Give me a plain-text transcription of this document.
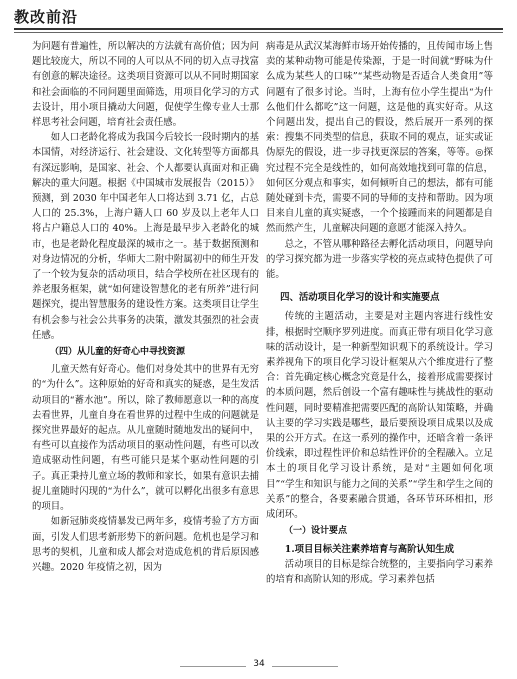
教改前沿

为问题有普遍性，所以解决的方法就有高价值；因为问题比较庞大，所以不同的人可以从不同的切入点寻找富有创意的解决途径。这类项目资源可以从不同时期国家和社会面临的不同问题里面筛选，用项目化学习的方式去设计，用小项目撬动大问题，促使学生像专业人士那样思考社会问题，培育社会责任感。

如人口老龄化将成为我国今后较长一段时期内的基本国情，对经济运行、社会建设、文化转型等方面都具有深远影响，是国家、社会、个人都要认真面对和正确解决的重大问题。根据《中国城市发展报告（2015）》预测，到 2030 年中国老年人口将达到 3.71 亿，占总人口的 25.3%，上海户籍人口 60 岁及以上老年人口将占户籍总人口的 40%。上海是最早步入老龄化的城市，也是老龄化程度最深的城市之一。基于数据预测和对身边情况的分析，华师大二附中附属初中的师生开发了一个较为复杂的活动项目，结合学校所在社区现有的养老服务框架，就“如何建设智慧化的老有所养”进行问题探究，提出智慧服务的建设性方案。这类项目让学生有机会参与社会公共事务的决策，激发其强烈的社会责任感。

（四）从儿童的好奇心中寻找资源

儿童天然有好奇心。他们对身处其中的世界有无穷的“为什么”。这种原始的好奇和真实的疑惑，是生发活动项目的“蓄水池”。所以，除了教师愿意以一种的高度去看世界，儿童自身在看世界的过程中生成的问题就是探究世界最好的起点。从儿童随时随地发出的疑问中，有些可以直接作为活动项目的驱动性问题，有些可以改造成驱动性问题，有些可能只是某个驱动性问题的引子。真正秉持儿童立场的教师和家长，如果有意识去捕捉儿童随时闪现的“为什么”，就可以孵化出很多有意思的项目。

如新冠肺炎疫情暴发已两年多，疫情考验了方方面面，引发人们思考新形势下的新问题。危机也是学习和思考的契机，儿童和成人都会对造成危机的背后原因感兴趣。2020 年疫情之初，因为

病毒是从武汉某海鲜市场开始传播的，且传闻市场上售卖的某种动物可能是传染源，于是一时间就“野味为什么成为某些人的口味”“某些动物是否适合人类食用”等问题有了很多讨论。当时，上海有位小学生提出“为什么他们什么都吃”这一问题，这是他的真实好奇。从这个问题出发，提出自己的假设，然后展开一系列的探索：搜集不同类型的信息，获取不同的观点，证实或证伪原先的假设，进一步寻找更深层的答案，等等。◎探究过程不完全是线性的，如何高效地找到可靠的信息，如何区分观点和事实，如何倾听自己的想法，都有可能随处碰到卡壳，需要不同的导师的支持和帮助。因为项目来自儿童的真实疑惑，一个个接踵而来的问题都是自然而然产生，儿童解决问题的意愿才能深入持久。

总之，不管从哪种路径去孵化活动项目，问题导向的学习探究都为进一步落实学校的亮点或特色提供了可能。

四、活动项目化学习的设计和实施要点

传统的主题活动，主要是对主题内容进行线性安排，根据时空顺序罗列进度。而真正带有项目化学习意味的活动设计，是一种新型知识观下的系统设计。学习素养视角下的项目化学习设计框架从六个维度进行了整合：首先确定核心概念究竟是什么，接着形成需要探讨的本质问题，然后创设一个富有趣味性与挑战性的驱动性问题，同时要精准把需要匹配的高阶认知策略，并确认主要的学习实践是哪些，最后要预设项目成果以及成果的公开方式。在这一系列的操作中，还暗含着一条评价线索，即过程性评价和总结性评价的全程融入。立足本土的项目化学习设计系统，是对“主题如何化项目”“学生和知识与能力之间的关系”“学生和学生之间的关系”的整合，各要素融合贯通，各环节环环相扣，形成闭环。

（一）设计要点

1.项目目标关注素养培育与高阶认知生成

活动项目的目标是综合统整的，主要指向学习素养的培育和高阶认知的形成。学习素养包括

34
